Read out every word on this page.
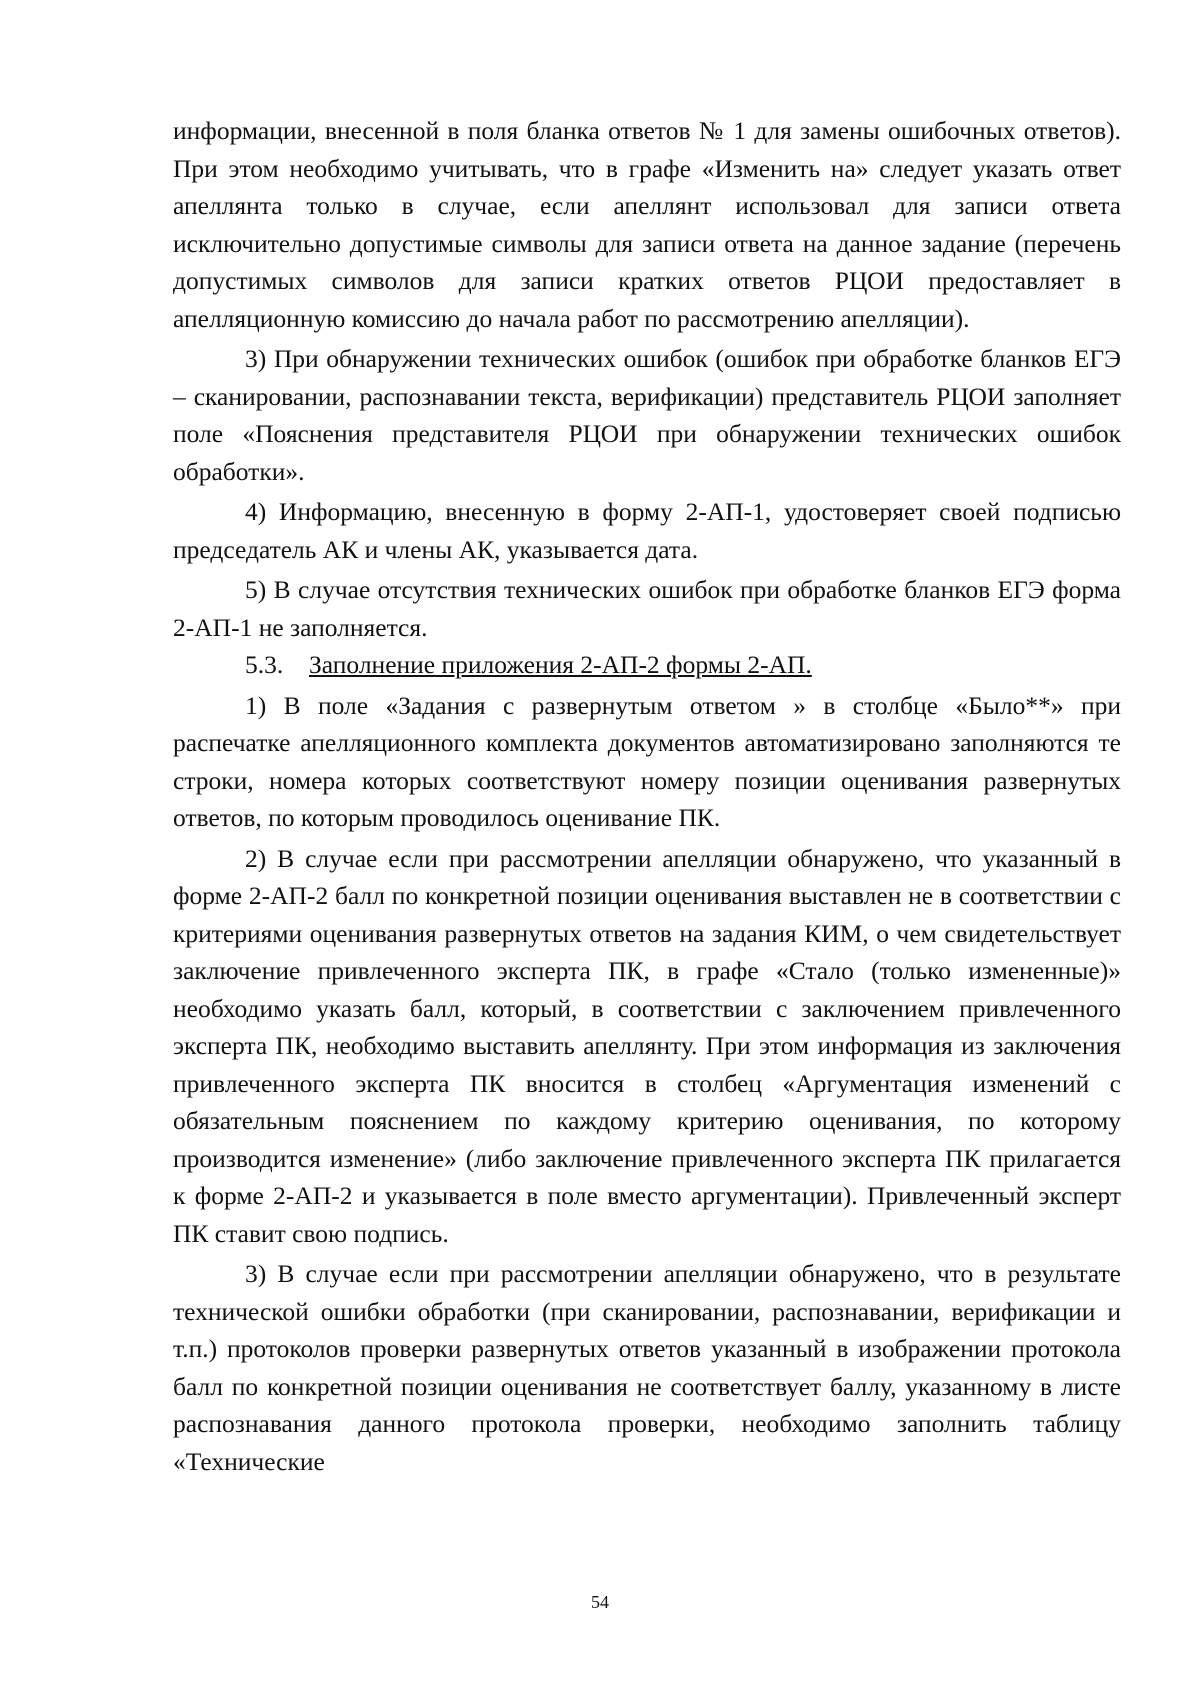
информации, внесенной в поля бланка ответов № 1 для замены ошибочных ответов). При этом необходимо учитывать, что в графе «Изменить на» следует указать ответ апеллянта только в случае, если апеллянт использовал для записи ответа исключительно допустимые символы для записи ответа на данное задание (перечень допустимых символов для записи кратких ответов РЦОИ предоставляет в апелляционную комиссию до начала работ по рассмотрению апелляции).

3) При обнаружении технических ошибок (ошибок при обработке бланков ЕГЭ – сканировании, распознавании текста, верификации) представитель РЦОИ заполняет поле «Пояснения представителя РЦОИ при обнаружении технических ошибок обработки».

4) Информацию, внесенную в форму 2-АП-1, удостоверяет своей подписью председатель АК и члены АК, указывается дата.

5) В случае отсутствия технических ошибок при обработке бланков ЕГЭ форма 2-АП-1 не заполняется.

5.3. Заполнение приложения 2-АП-2 формы 2-АП.

1) В поле «Задания с развернутым ответом » в столбце «Было**» при распечатке апелляционного комплекта документов автоматизировано заполняются те строки, номера которых соответствуют номеру позиции оценивания развернутых ответов, по которым проводилось оценивание ПК.

2) В случае если при рассмотрении апелляции обнаружено, что указанный в форме 2-АП-2 балл по конкретной позиции оценивания выставлен не в соответствии с критериями оценивания развернутых ответов на задания КИМ, о чем свидетельствует заключение привлеченного эксперта ПК, в графе «Стало (только измененные)» необходимо указать балл, который, в соответствии с заключением привлеченного эксперта ПК, необходимо выставить апеллянту. При этом информация из заключения привлеченного эксперта ПК вносится в столбец «Аргументация изменений с обязательным пояснением по каждому критерию оценивания, по которому производится изменение» (либо заключение привлеченного эксперта ПК прилагается к форме 2-АП-2 и указывается в поле вместо аргументации). Привлеченный эксперт ПК ставит свою подпись.

3) В случае если при рассмотрении апелляции обнаружено, что в результате технической ошибки обработки (при сканировании, распознавании, верификации и т.п.) протоколов проверки развернутых ответов указанный в изображении протокола балл по конкретной позиции оценивания не соответствует баллу, указанному в листе распознавания данного протокола проверки, необходимо заполнить таблицу «Технические

54
